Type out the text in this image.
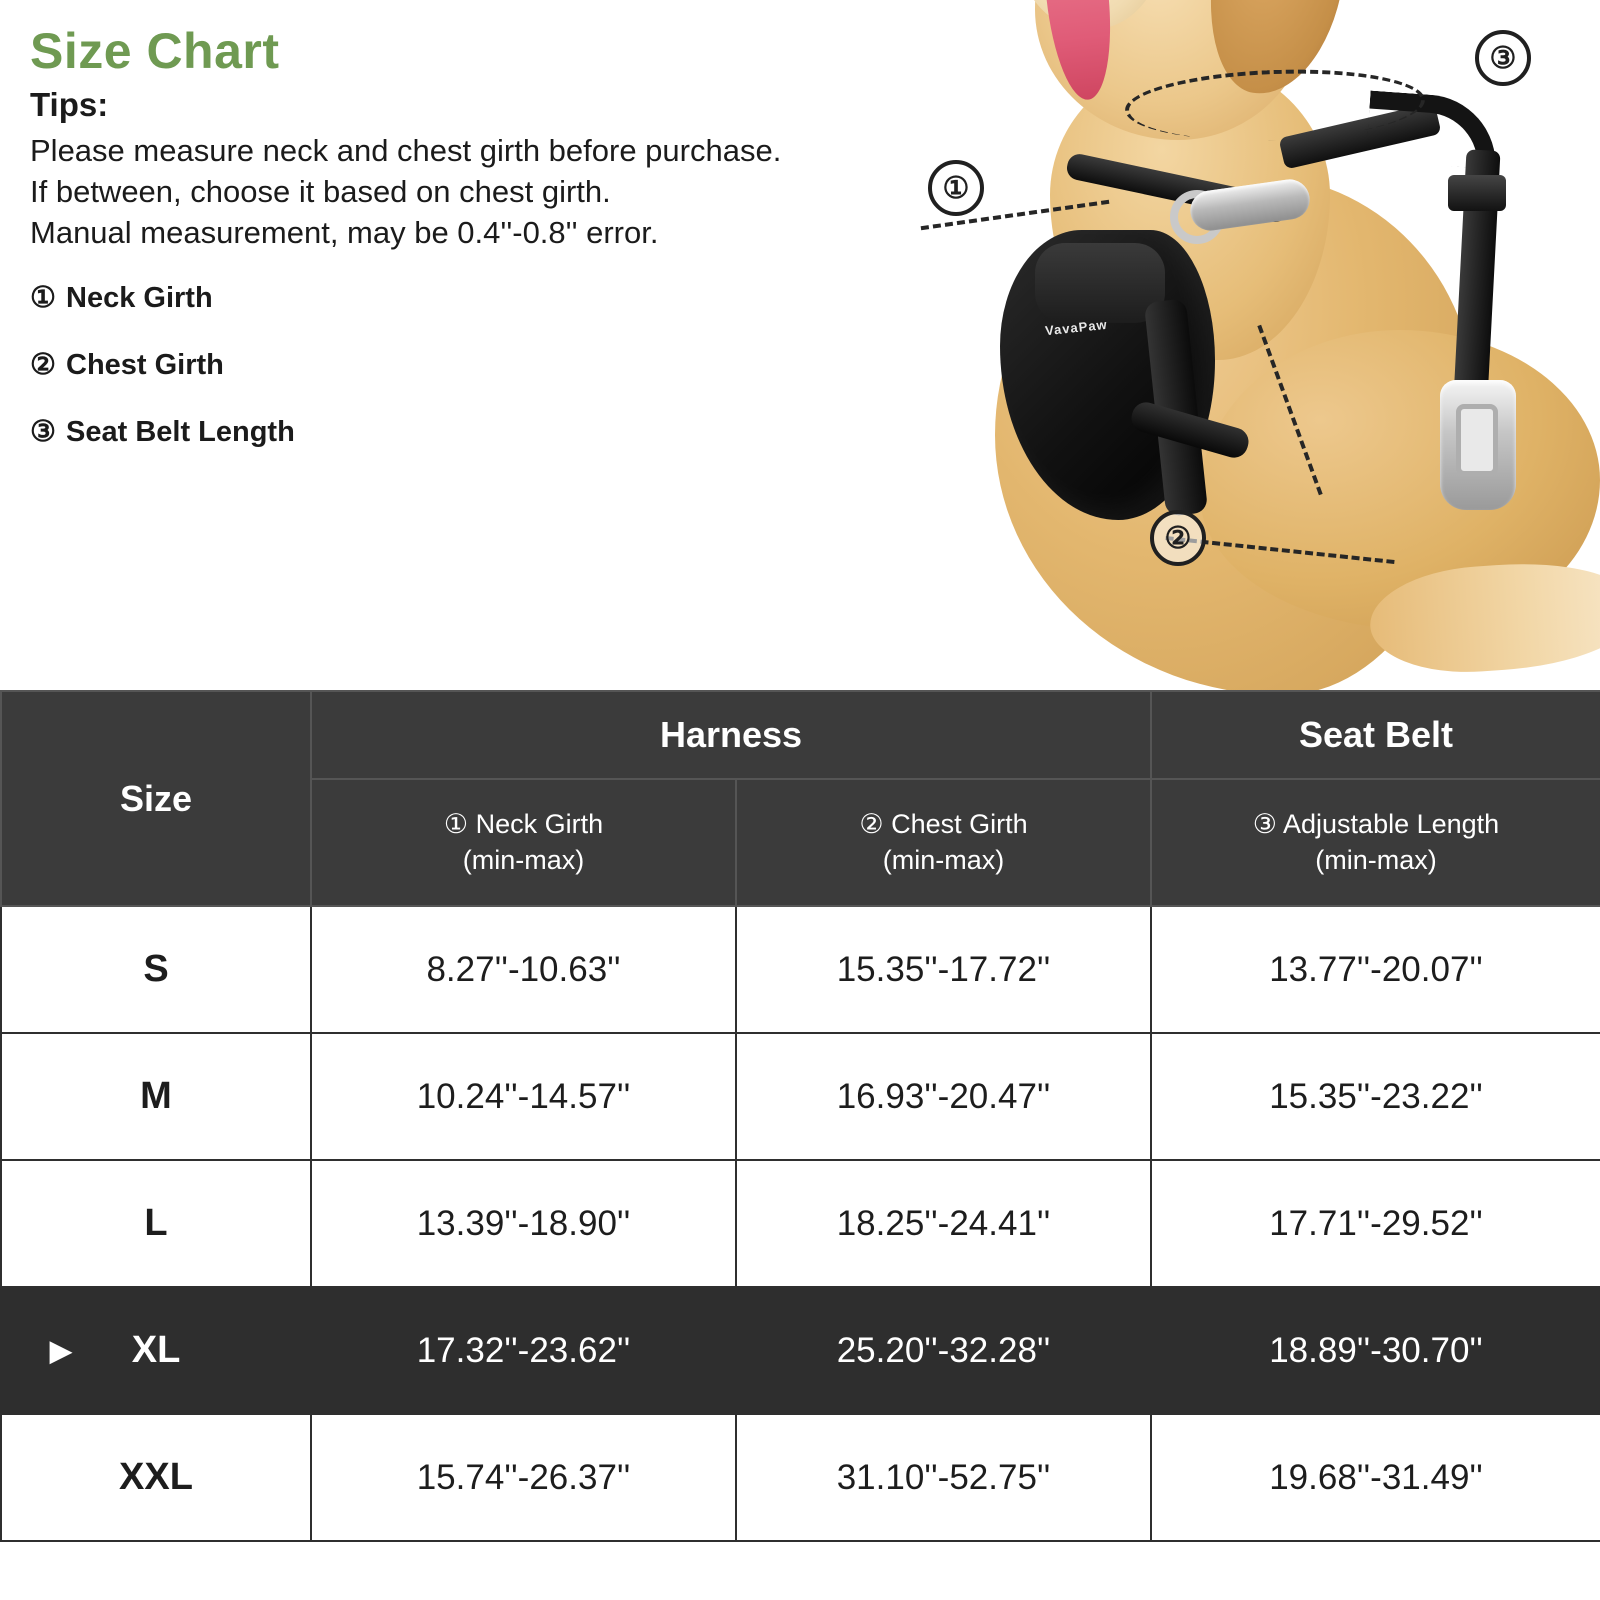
Size Chart
Tips:

Please measure neck and chest girth before purchase.

If between, choose it based on chest girth.

Manual measurement, may be 0.4''-0.8'' error.

① Neck Girth
② Chest Girth
③ Seat Belt Length
VavaPaw
①
②
③
Size	Harness		Seat Belt
	① Neck Girth
(min-max)	② Chest Girth
(min-max)	③ Adjustable Length
(min-max)

S	8.27''-10.63''	15.35''-17.72''	13.77''-20.07''
M	10.24''-14.57''	16.93''-20.47''	15.35''-23.22''
L	13.39''-18.90''	18.25''-24.41''	17.71''-29.52''

▶ XL	17.32''-23.62''	25.20''-32.28''	18.89''-30.70''
XXL	15.74''-26.37''	31.10''-52.75''	19.68''-31.49''
